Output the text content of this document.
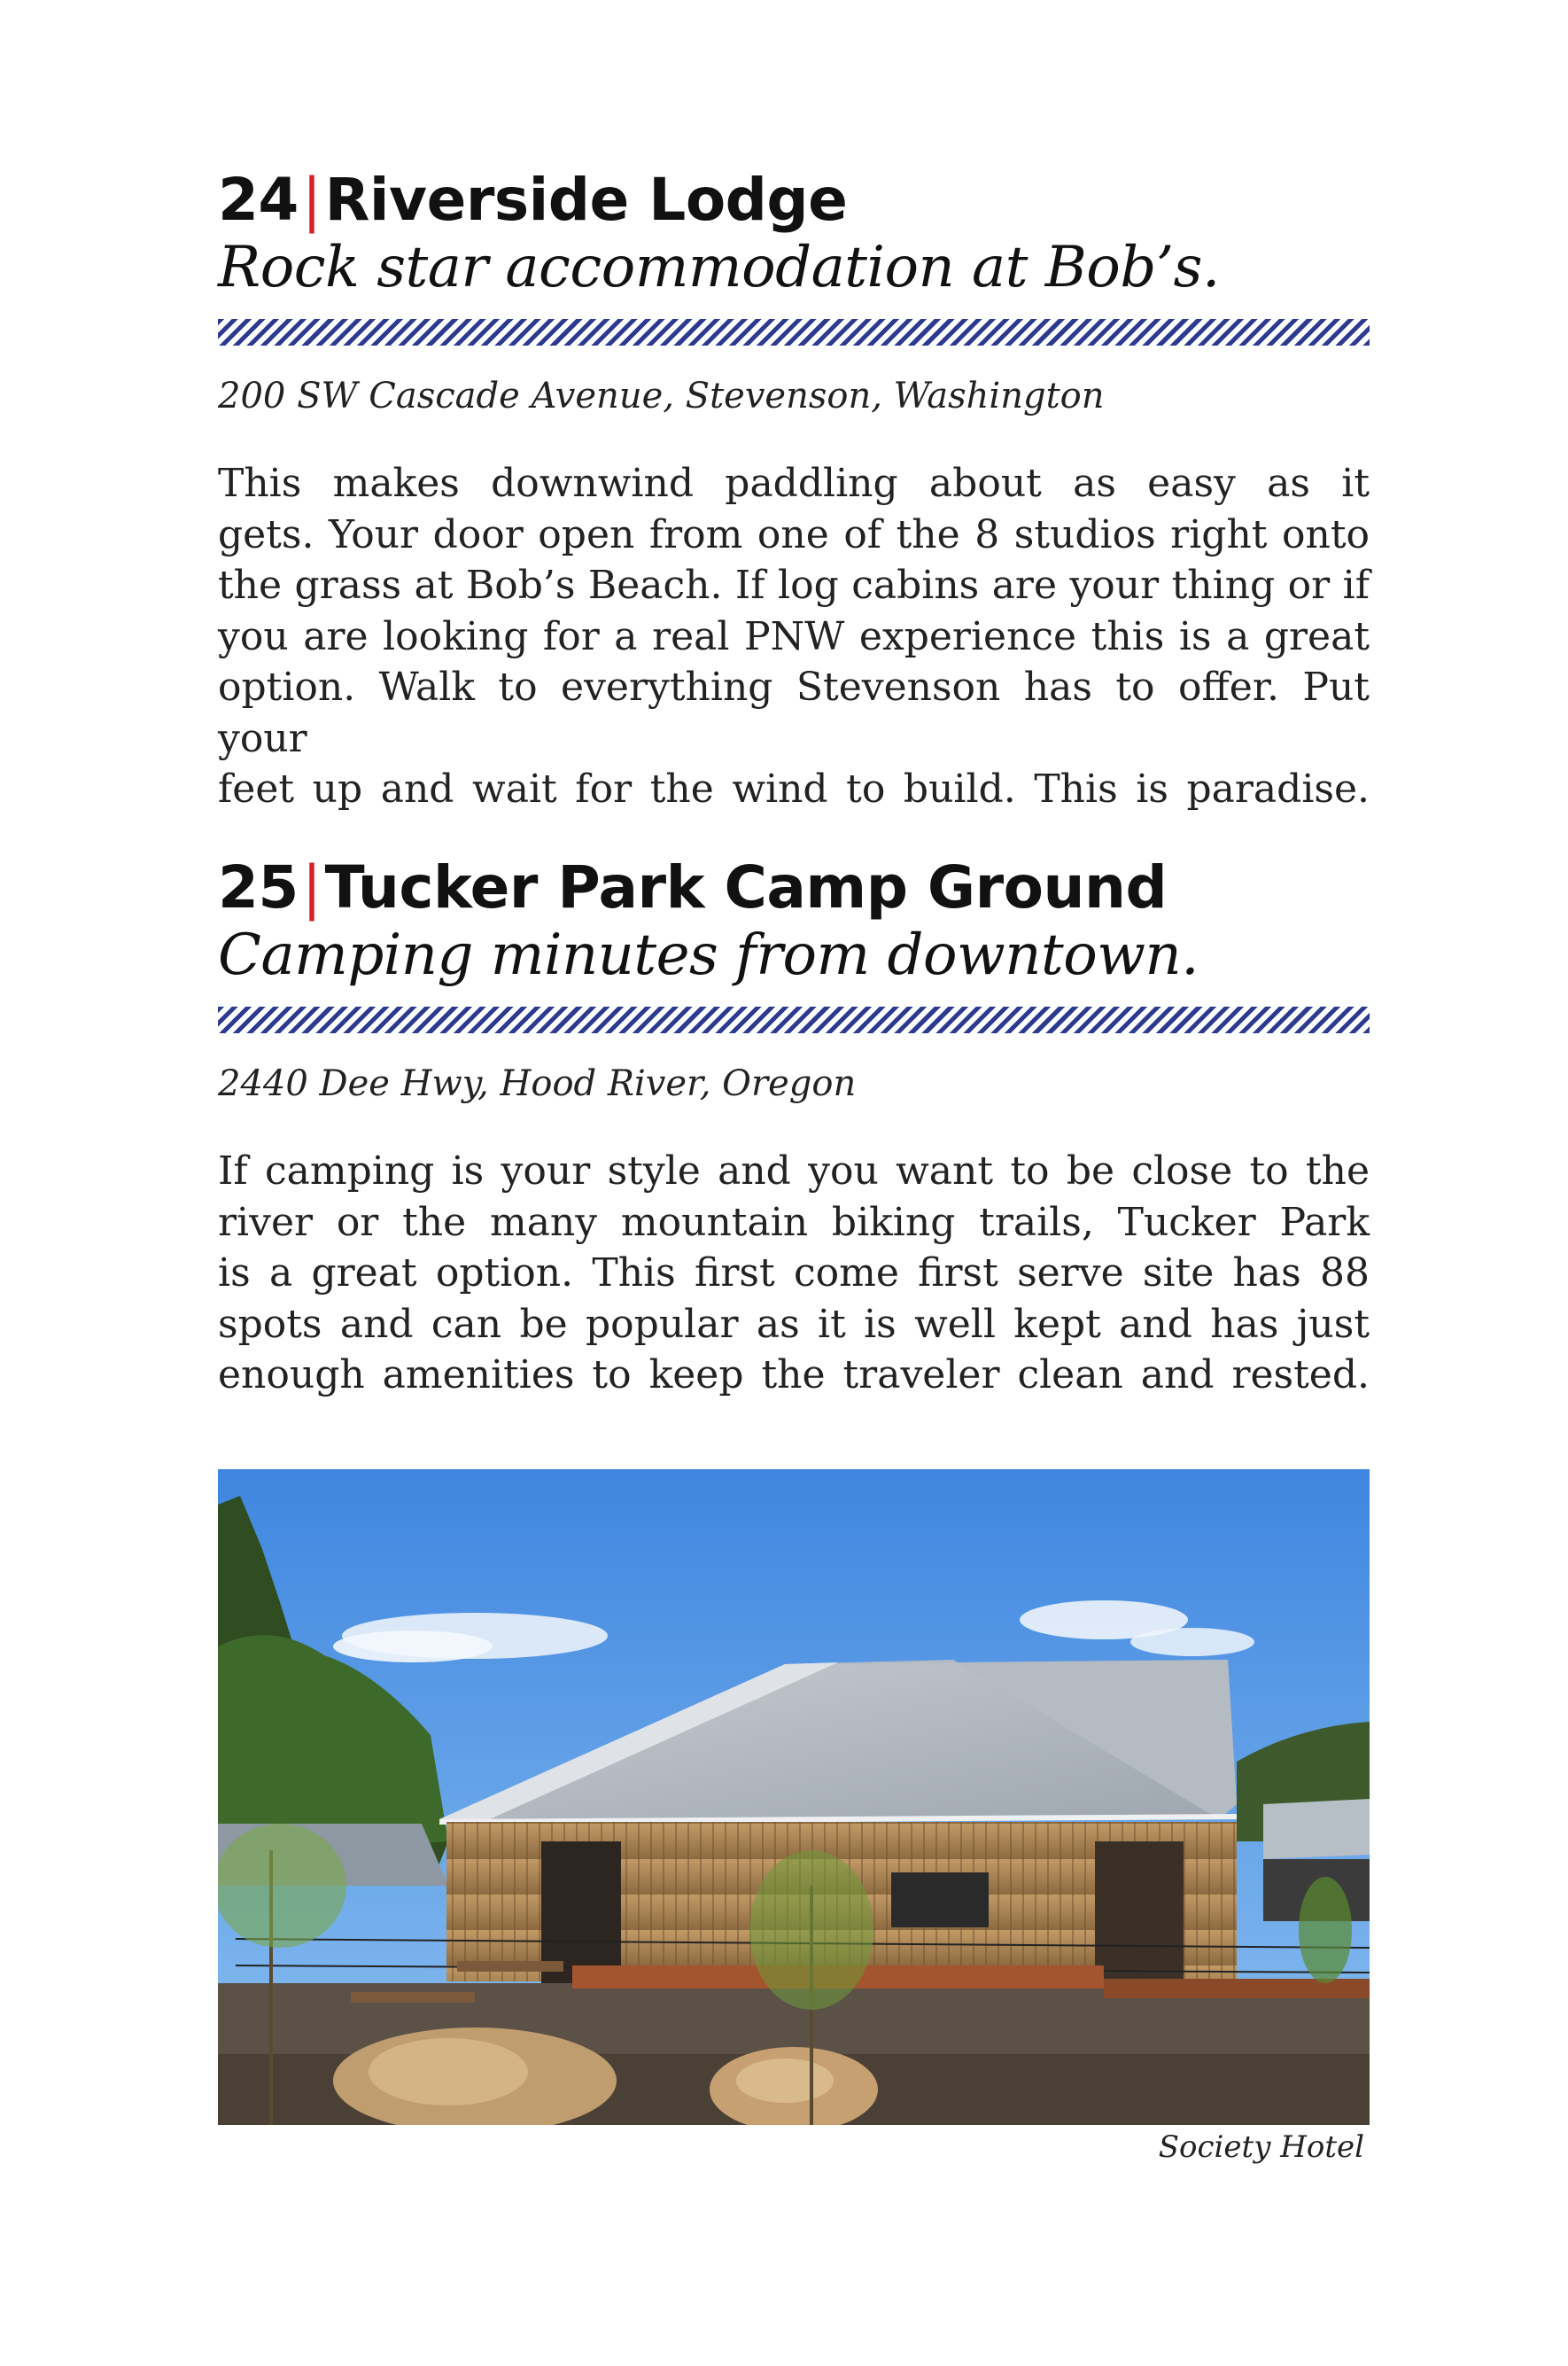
24|Riverside Lodge
Rock star accommodation at Bob’s.
200 SW Cascade Avenue, Stevenson, Washington
This makes downwind paddling about as easy as it
gets. Your door open from one of the 8 studios right onto
the grass at Bob’s Beach. If log cabins are your thing or if
you are looking for a real PNW experience this is a great
option. Walk to everything Stevenson has to offer. Put your
feet up and wait for the wind to build. This is paradise.
25|Tucker Park Camp Ground
Camping minutes from downtown.
2440 Dee Hwy, Hood River, Oregon
If camping is your style and you want to be close to the
river or the many mountain biking trails, Tucker Park
is a great option. This first come first serve site has 88
spots and can be popular as it is well kept and has just
enough amenities to keep the traveler clean and rested.
Society Hotel
